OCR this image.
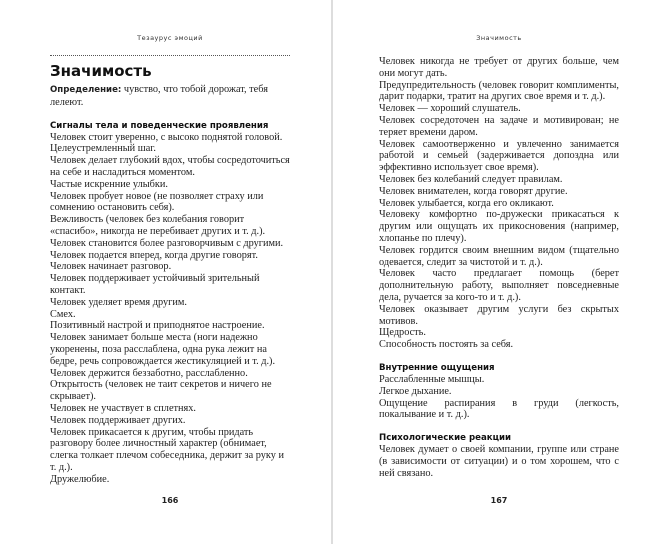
Тезаурус эмоций
Значимость

Определение: чувство, что тобой дорожат, тебя лелеют.

Сигналы тела и поведенческие проявления

Человек стоит уверенно, с высоко поднятой головой.

Целеустремленный шаг.

Человек делает глубокий вдох, чтобы сосредоточиться на себе и насладиться моментом.

Частые искренние улыбки.

Человек пробует новое (не позволяет страху или сомнению остановить себя).

Вежливость (человек без колебания говорит «спасибо», никогда не перебивает других и т. д.).

Человек становится более разговорчивым с другими.

Человек подается вперед, когда другие говорят.

Человек начинает разговор.

Человек поддерживает устойчивый зрительный контакт.

Человек уделяет время другим.

Смех.

Позитивный настрой и приподнятое настроение.

Человек занимает больше места (ноги надежно укоренены, поза расслаблена, одна рука лежит на бедре, речь сопровождается жестикуляцией и т. д.).

Человек держится беззаботно, расслабленно.

Открытость (человек не таит секретов и ничего не скрывает).

Человек не участвует в сплетнях.

Человек поддерживает других.

Человек прикасается к другим, чтобы придать разговору более личностный характер (обнимает, слегка толкает плечом собеседника, держит за руку и т. д.).

Дружелюбие.

166
Значимость

Человек никогда не требует от других больше, чем они могут дать.

Предупредительность (человек говорит комплименты, дарит подарки, тратит на других свое время и т. д.).

Человек — хороший слушатель.

Человек сосредоточен на задаче и мотивирован; не теряет времени даром.

Человек самоотверженно и увлеченно занимается работой и семьей (задерживается допоздна или эффективно использует свое время).

Человек без колебаний следует правилам.

Человек внимателен, когда говорят другие.

Человек улыбается, когда его окликают.

Человеку комфортно по-дружески прикасаться к другим или ощущать их прикосновения (например, хлопанье по плечу).

Человек гордится своим внешним видом (тщательно одевается, следит за чистотой и т. д.).

Человек часто предлагает помощь (берет дополнительную работу, выполняет повседневные дела, ручается за кого-то и т. д.).

Человек оказывает другим услуги без скрытых мотивов.

Щедрость.

Способность постоять за себя.

Внутренние ощущения

Расслабленные мышцы.

Легкое дыхание.

Ощущение распирания в груди (легкость, покалывание и т. д.).

Психологические реакции

Человек думает о своей компании, группе или стране (в зависимости от ситуации) и о том хорошем, что с ней связано.

167
